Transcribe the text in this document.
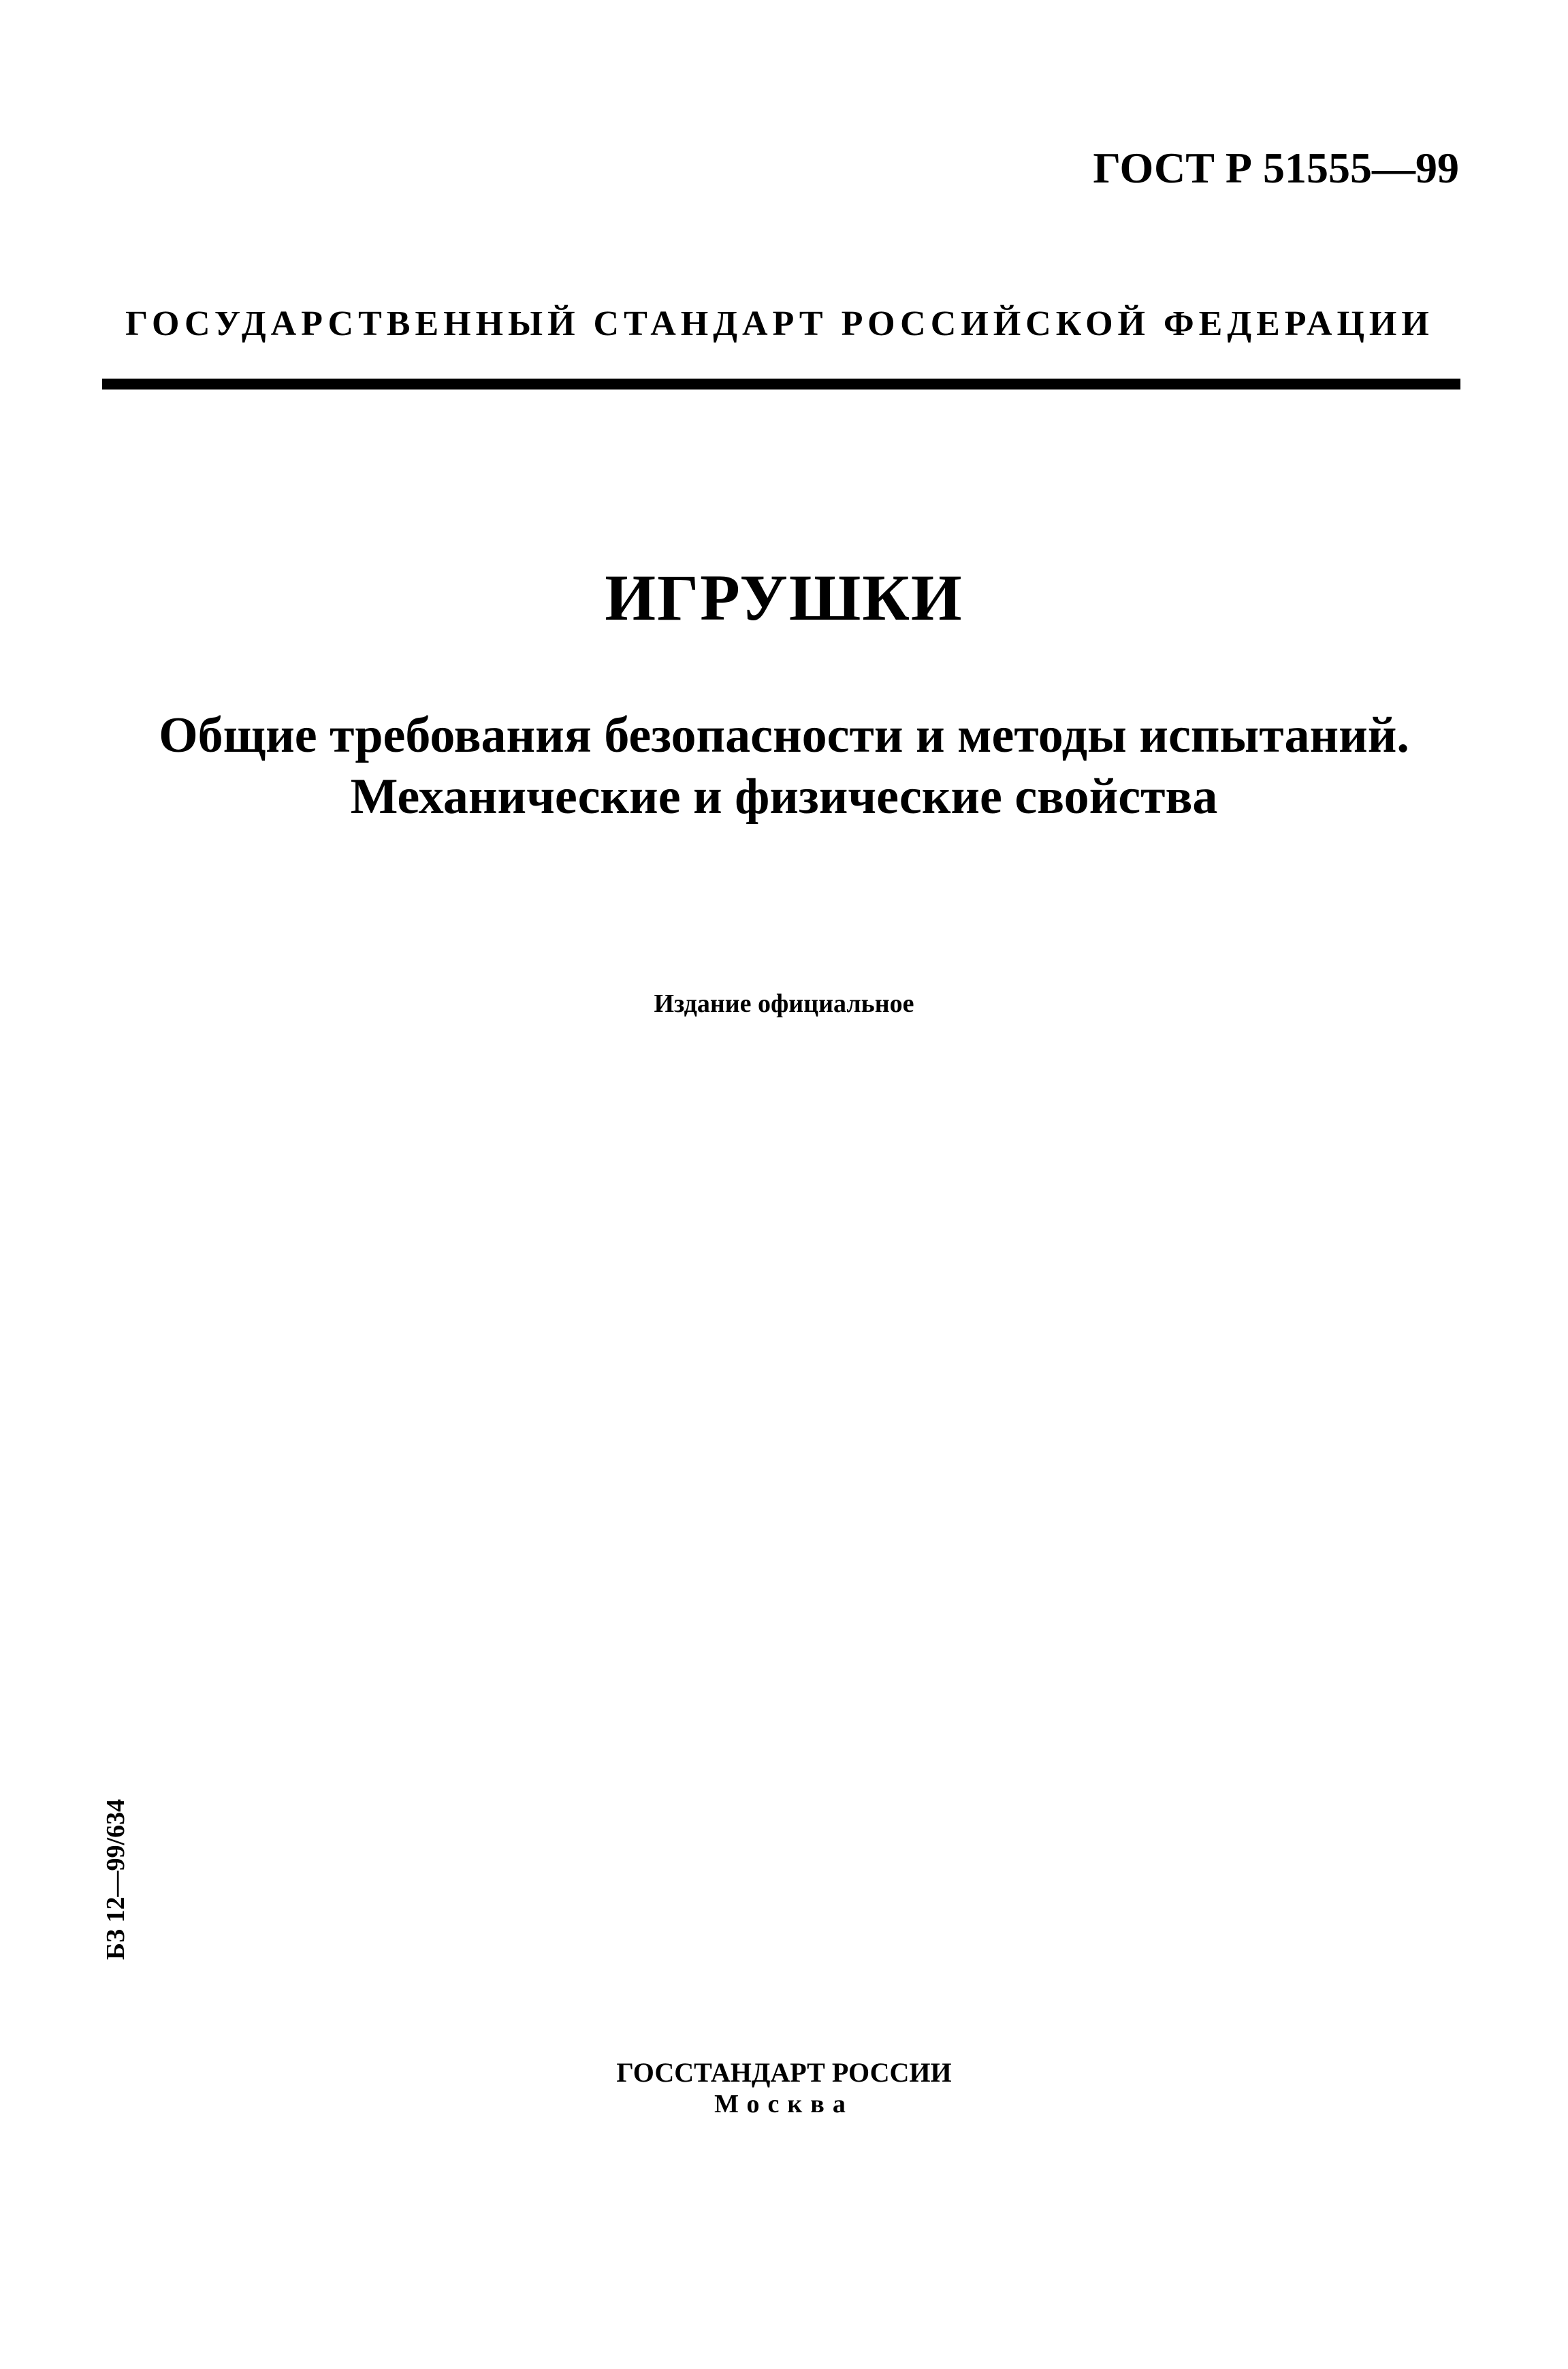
ГОСТ Р 51555—99
ГОСУДАРСТВЕННЫЙ СТАНДАРТ РОССИЙСКОЙ ФЕДЕРАЦИИ
ИГРУШКИ
Общие требования безопасности и методы испытаний.
Механические и физические свойства
Издание официальное
БЗ 12—99/634
ГОССТАНДАРТ РОССИИ
Москва
